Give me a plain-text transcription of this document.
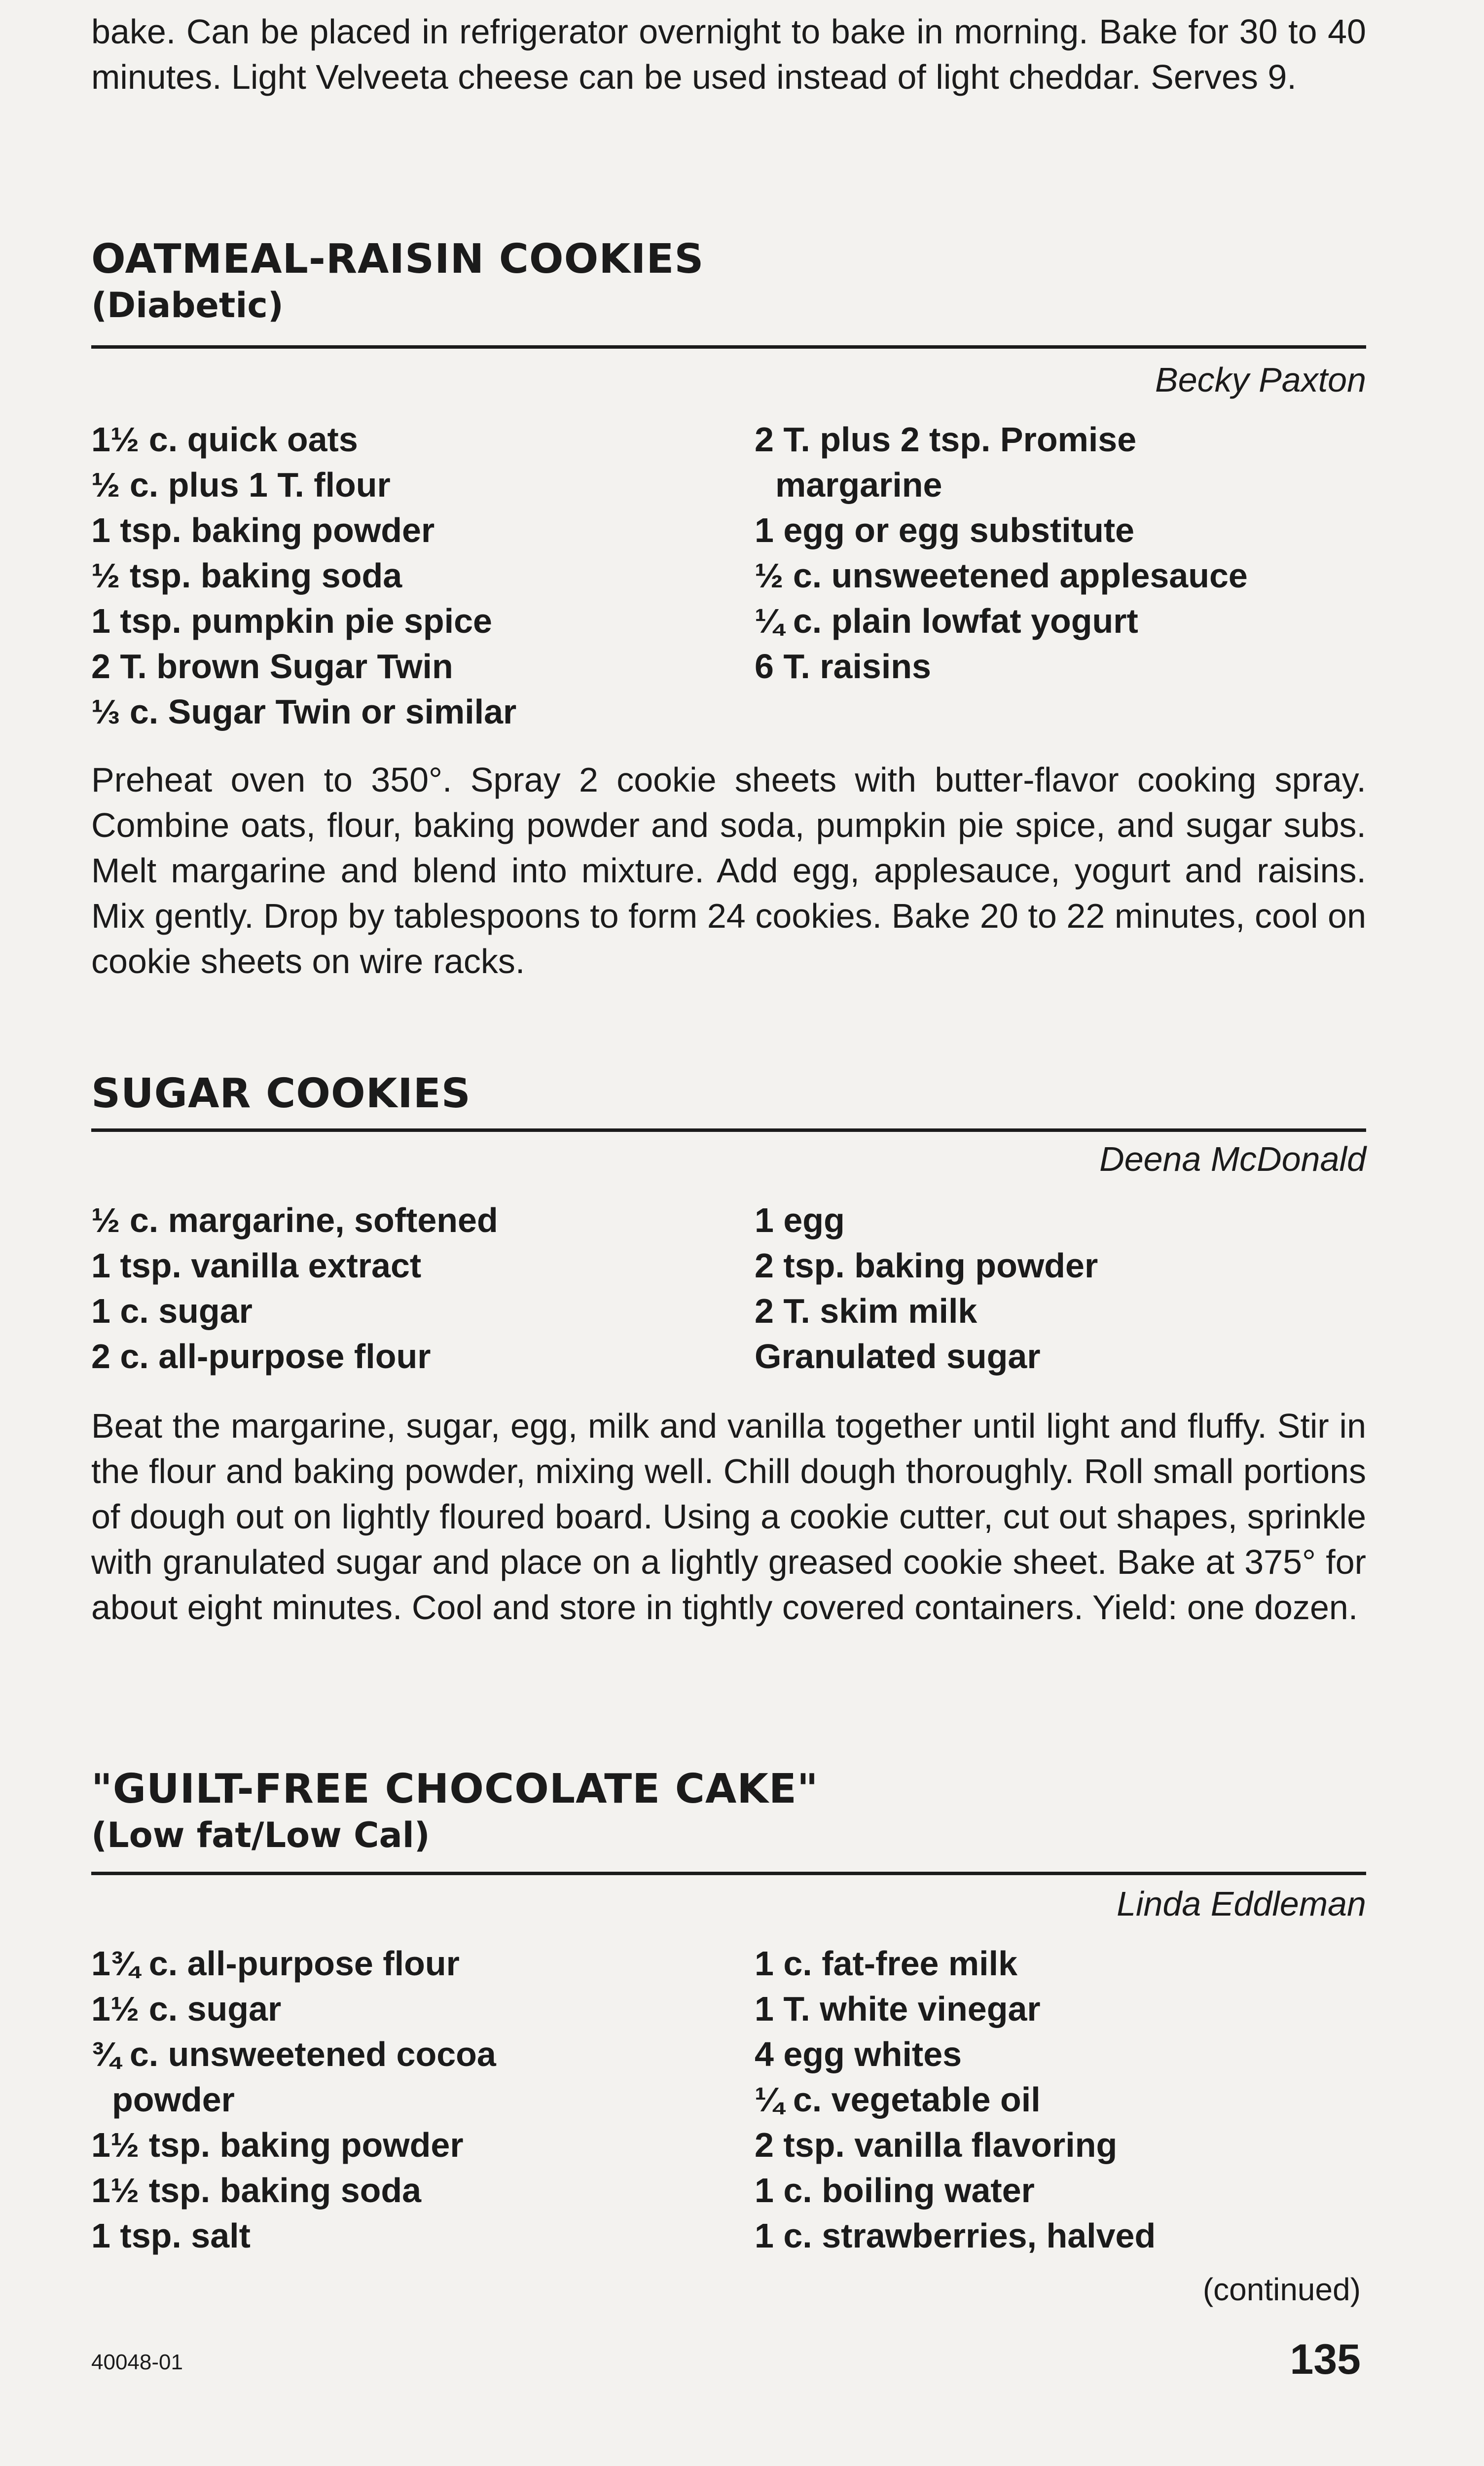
bake. Can be placed in refrigerator overnight to bake in morning. Bake for 30 to 40 minutes. Light Velveeta cheese can be used instead of light cheddar. Serves 9.

OATMEAL-RAISIN COOKIES
(Diabetic)
Becky Paxton

1½ c. quick oats

½ c. plus 1 T. flour

1 tsp. baking powder

½ tsp. baking soda

1 tsp. pumpkin pie spice

2 T. brown Sugar Twin

⅓ c. Sugar Twin or similar

2 T. plus 2 tsp. Promise

margarine

1 egg or egg substitute

½ c. unsweetened applesauce

¼ c. plain lowfat yogurt

6 T. raisins

Preheat oven to 350°. Spray 2 cookie sheets with butter-flavor cooking spray. Combine oats, flour, baking powder and soda, pumpkin pie spice, and sugar subs. Melt margarine and blend into mixture. Add egg, applesauce, yogurt and raisins. Mix gently. Drop by tablespoons to form 24 cookies. Bake 20 to 22 minutes, cool on cookie sheets on wire racks.

SUGAR COOKIES
Deena McDonald

½ c. margarine, softened

1 tsp. vanilla extract

1 c. sugar

2 c. all-purpose flour

1 egg

2 tsp. baking powder

2 T. skim milk

Granulated sugar

Beat the margarine, sugar, egg, milk and vanilla together until light and fluffy. Stir in the flour and baking powder, mixing well. Chill dough thoroughly. Roll small portions of dough out on lightly floured board. Using a cookie cutter, cut out shapes, sprinkle with granulated sugar and place on a lightly greased cookie sheet. Bake at 375° for about eight minutes. Cool and store in tightly covered containers. Yield: one dozen.

"GUILT-FREE CHOCOLATE CAKE"
(Low fat/Low Cal)
Linda Eddleman

1¾ c. all-purpose flour

1½ c. sugar

¾ c. unsweetened cocoa

powder

1½ tsp. baking powder

1½ tsp. baking soda

1 tsp. salt

1 c. fat-free milk

1 T. white vinegar

4 egg whites

¼ c. vegetable oil

2 tsp. vanilla flavoring

1 c. boiling water

1 c. strawberries, halved

(continued)
40048-01	135
